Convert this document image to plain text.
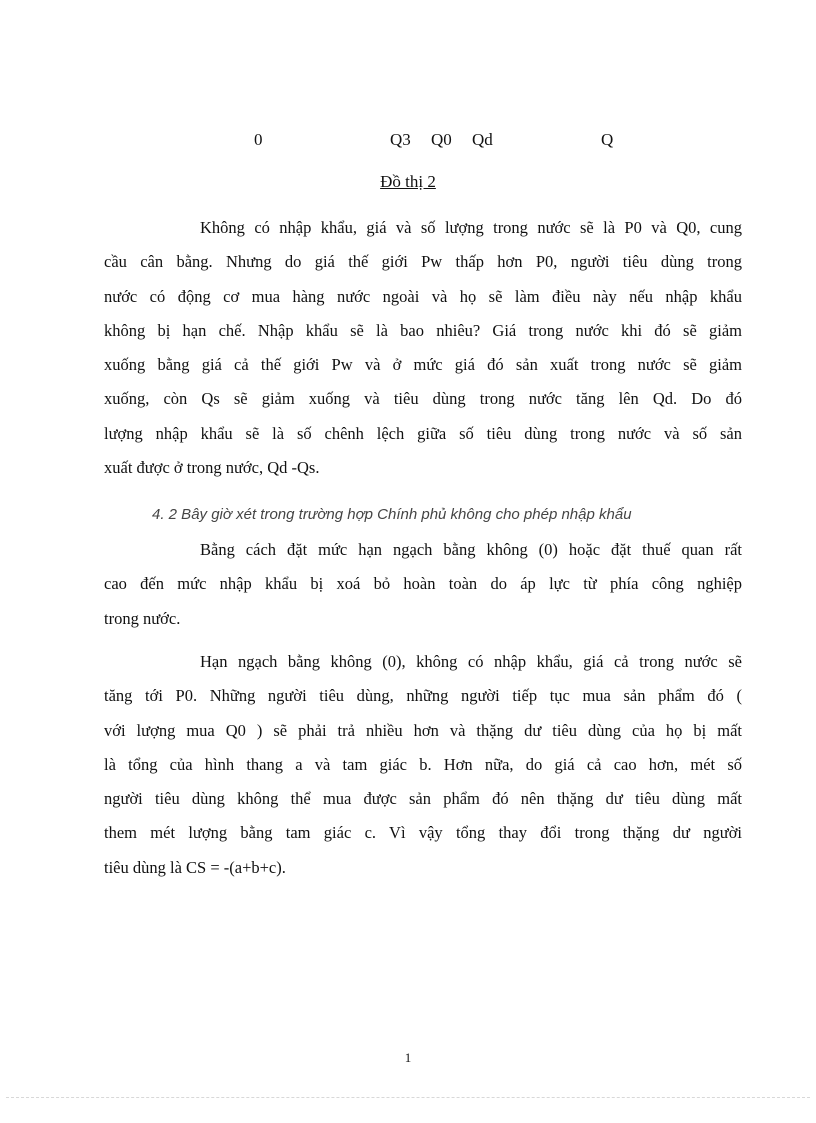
0	Q3 Q0 Qd	Q
Đồ thị 2

Không có nhập khẩu, giá và số lượng trong nước sẽ là P0 và Q0, cung
cầu cân bằng. Nhưng do giá thế giới Pw thấp hơn P0, người tiêu dùng trong
nước có động cơ mua hàng nước ngoài và họ sẽ làm điều này nếu nhập khẩu
không bị hạn chế. Nhập khẩu sẽ là bao nhiêu? Giá trong nước khi đó sẽ giảm
xuống bằng giá cả thế giới Pw và ở mức giá đó sản xuất trong nước sẽ giảm
xuống, còn Qs sẽ giảm xuống và tiêu dùng trong nước tăng lên Qd. Do đó
lượng nhập khẩu sẽ là số chênh lệch giữa số tiêu dùng trong nước và số sản
xuất được ở trong nước, Qd -Qs.

4. 2 Bây giờ xét trong trường hợp Chính phủ không cho phép nhập khẩu

Bằng cách đặt mức hạn ngạch bằng không (0) hoặc đặt thuế quan rất
cao đến mức nhập khẩu bị xoá bỏ hoàn toàn do áp lực từ phía công nghiệp
trong nước.

Hạn ngạch bằng không (0), không có nhập khẩu, giá cả trong nước sẽ
tăng tới P0. Những người tiêu dùng, những người tiếp tục mua sản phẩm đó (
với lượng mua Q0 ) sẽ phải trả nhiều hơn và thặng dư tiêu dùng của họ bị mất
là tổng của hình thang a và tam giác b. Hơn nữa, do giá cả cao hơn, mét số
người tiêu dùng không thể mua được sản phẩm đó nên thặng dư tiêu dùng mất
them mét lượng bằng tam giác c. Vì vậy tổng thay đổi trong thặng dư người
tiêu dùng là CS = -(a+b+c).

1
